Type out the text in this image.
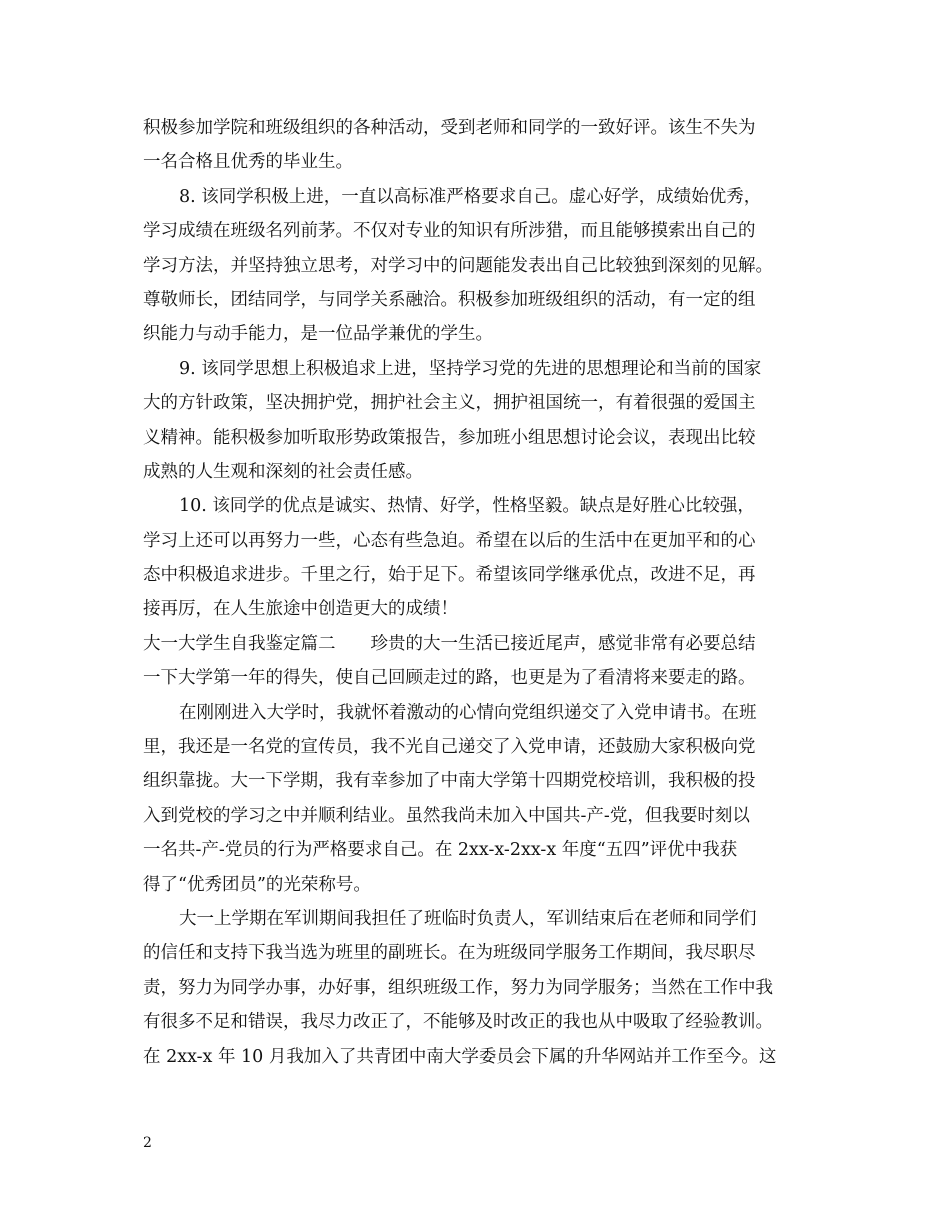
积极参加学院和班级组织的各种活动，受到老师和同学的一致好评。该生不失为
一名合格且优秀的毕业生。
8. 该同学积极上进，一直以高标准严格要求自己。虚心好学，成绩始优秀，
学习成绩在班级名列前茅。不仅对专业的知识有所涉猎，而且能够摸索出自己的
学习方法，并坚持独立思考，对学习中的问题能发表出自己比较独到深刻的见解。
尊敬师长，团结同学，与同学关系融洽。积极参加班级组织的活动，有一定的组
织能力与动手能力，是一位品学兼优的学生。
9. 该同学思想上积极追求上进，坚持学习党的先进的思想理论和当前的国家
大的方针政策，坚决拥护党，拥护社会主义，拥护祖国统一，有着很强的爱国主
义精神。能积极参加听取形势政策报告，参加班小组思想讨论会议，表现出比较
成熟的人生观和深刻的社会责任感。
10. 该同学的优点是诚实、热情、好学，性格坚毅。缺点是好胜心比较强，
学习上还可以再努力一些，心态有些急迫。希望在以后的生活中在更加平和的心
态中积极追求进步。千里之行，始于足下。希望该同学继承优点，改进不足，再
接再厉，在人生旅途中创造更大的成绩！
大一大学生自我鉴定篇二　　珍贵的大一生活已接近尾声，感觉非常有必要总结
一下大学第一年的得失，使自己回顾走过的路，也更是为了看清将来要走的路。
在刚刚进入大学时，我就怀着激动的心情向党组织递交了入党申请书。在班
里，我还是一名党的宣传员，我不光自己递交了入党申请，还鼓励大家积极向党
组织靠拢。大一下学期，我有幸参加了中南大学第十四期党校培训，我积极的投
入到党校的学习之中并顺利结业。虽然我尚未加入中国共-产-党，但我要时刻以
一名共-产-党员的行为严格要求自己。在 2xx-x-2xx-x 年度“五四”评优中我获
得了“优秀团员”的光荣称号。
大一上学期在军训期间我担任了班临时负责人，军训结束后在老师和同学们
的信任和支持下我当选为班里的副班长。在为班级同学服务工作期间，我尽职尽
责，努力为同学办事，办好事，组织班级工作，努力为同学服务；当然在工作中我
有很多不足和错误，我尽力改正了，不能够及时改正的我也从中吸取了经验教训。
在 2xx-x 年 10 月我加入了共青团中南大学委员会下属的升华网站并工作至今。这
2
